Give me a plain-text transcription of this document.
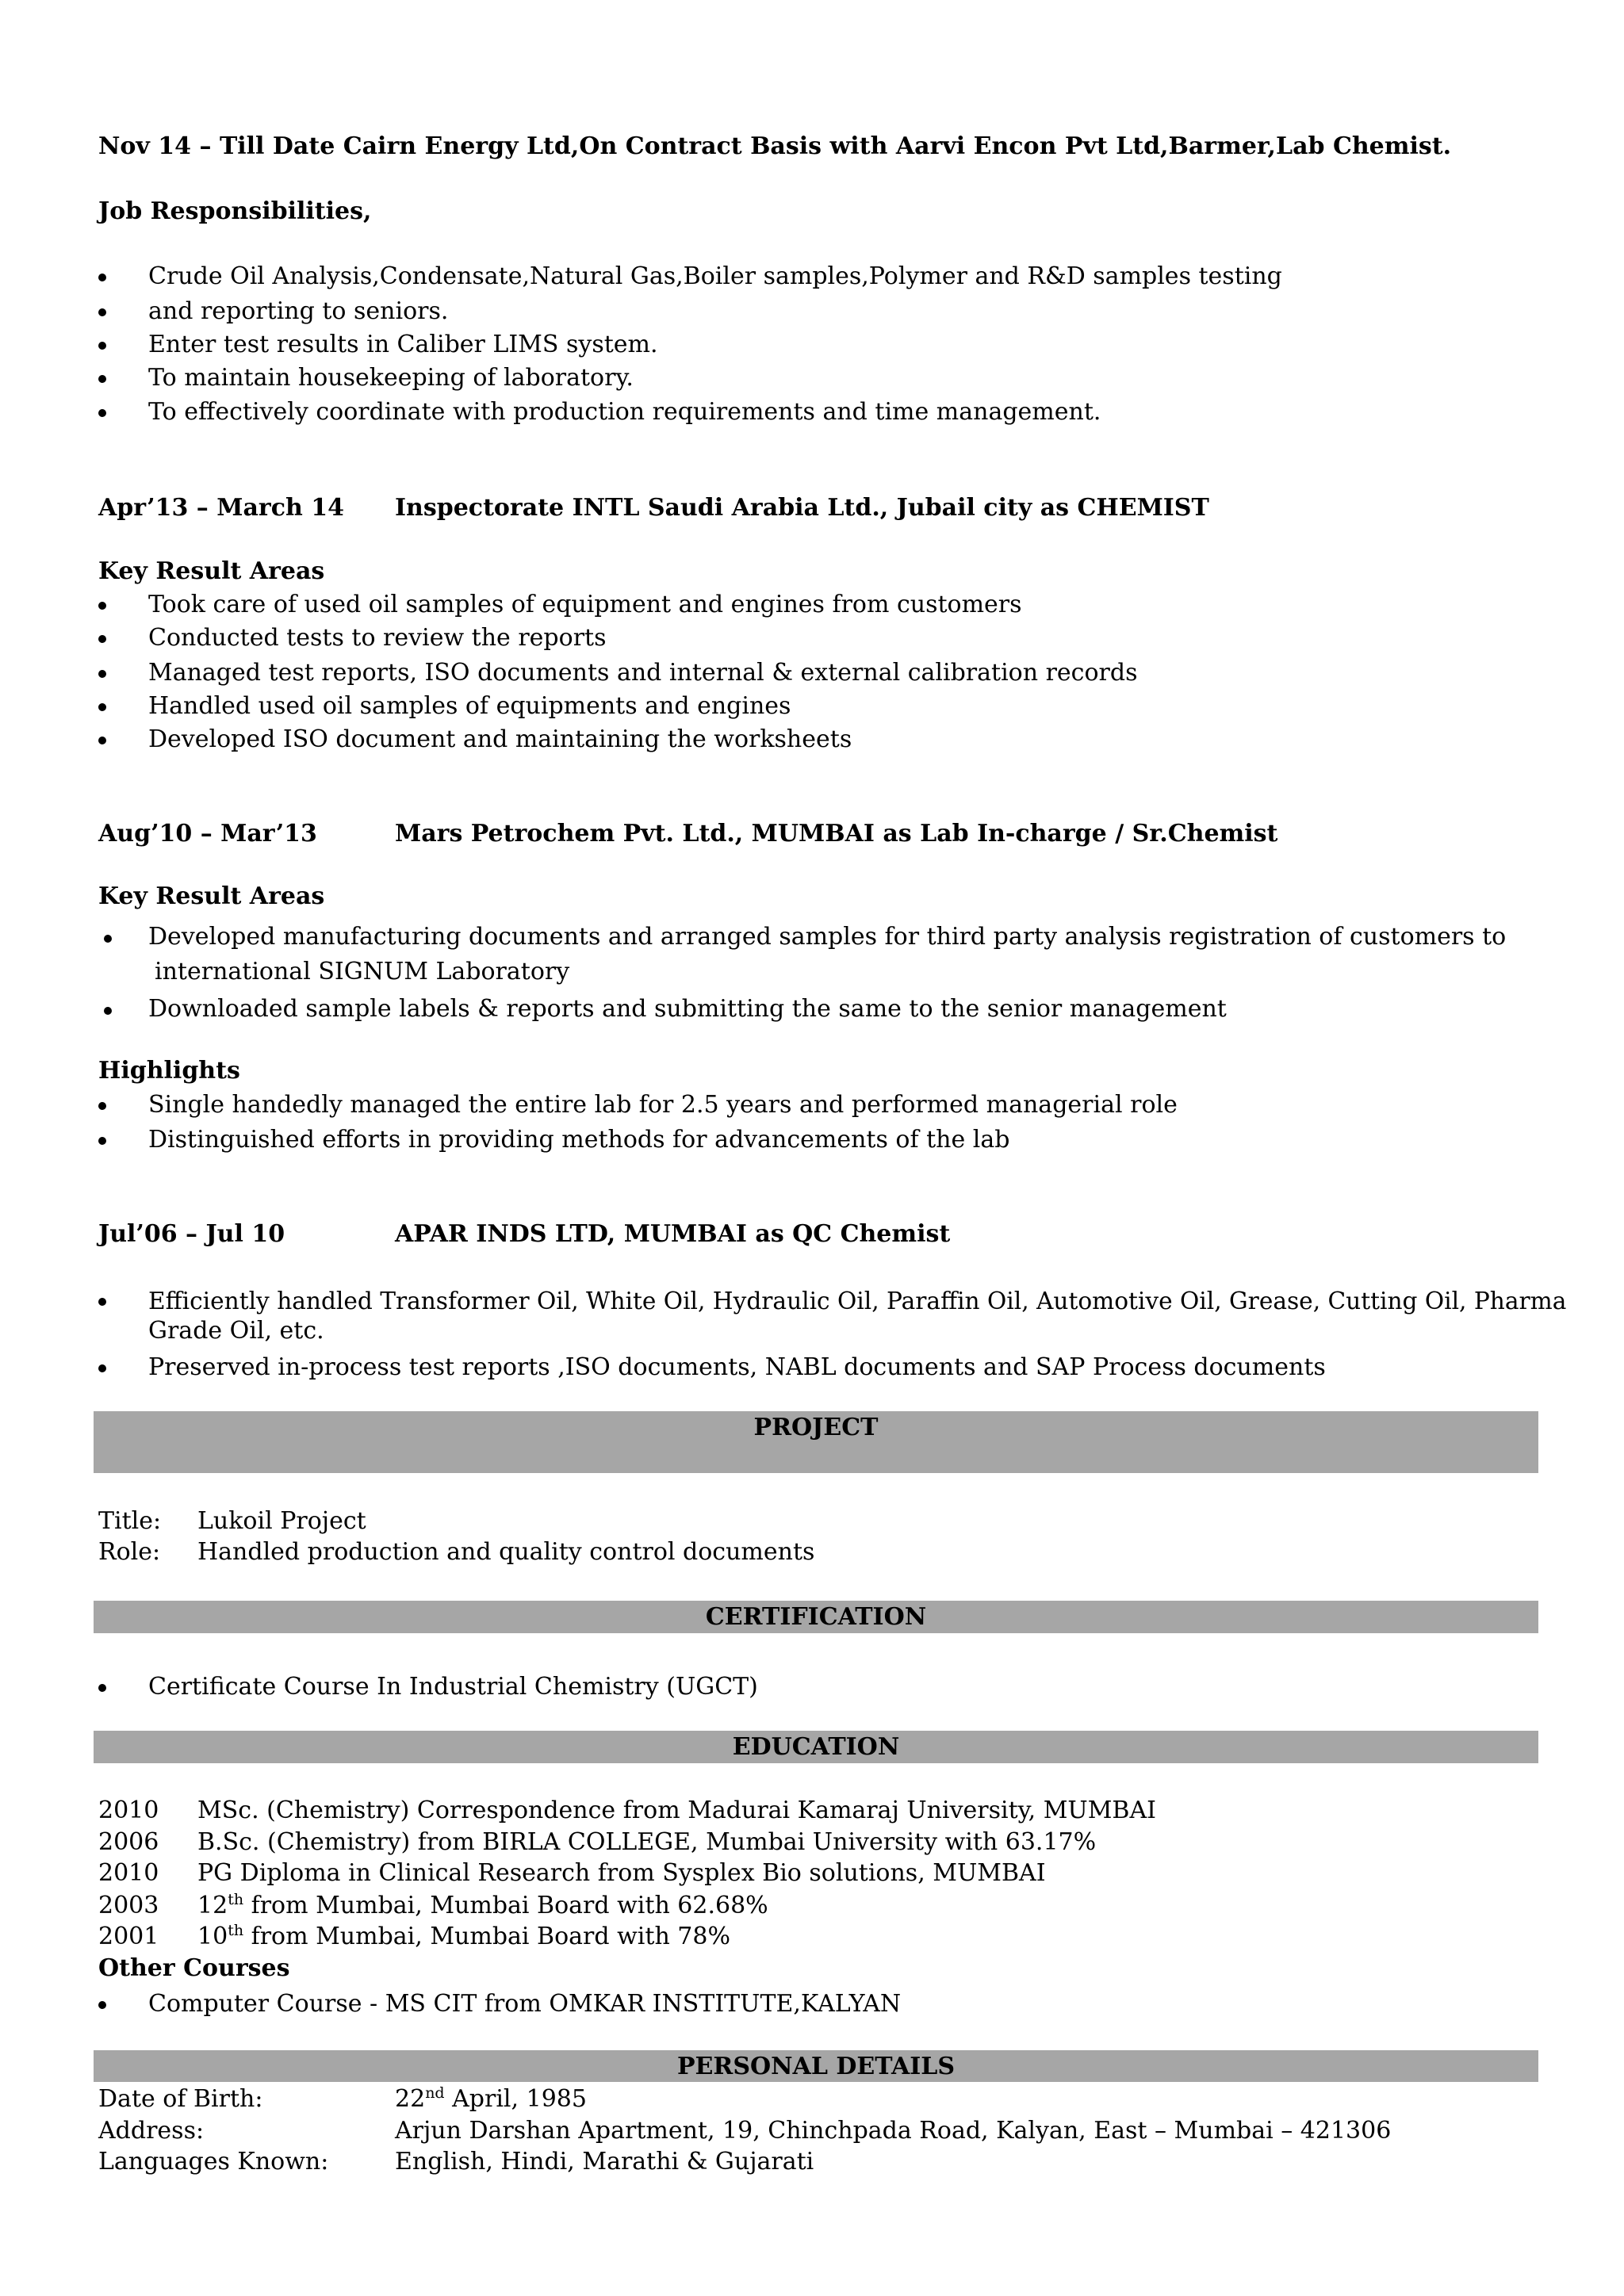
Nov 14 – Till Date Cairn Energy Ltd,On Contract Basis with Aarvi Encon Pvt Ltd,Barmer,Lab Chemist.
Job Responsibilities,
Crude Oil Analysis,Condensate,Natural Gas,Boiler samples,Polymer and R&D samples testing
and reporting to seniors.
Enter test results in Caliber LIMS system.
To maintain housekeeping of laboratory.
To effectively coordinate with production requirements and time management.
Apr’13 – March 14 Inspectorate INTL Saudi Arabia Ltd., Jubail city as CHEMIST
Key Result Areas
Took care of used oil samples of equipment and engines from customers
Conducted tests to review the reports
Managed test reports, ISO documents and internal & external calibration records
Handled used oil samples of equipments and engines
Developed ISO document and maintaining the worksheets
Aug’10 – Mar’13	Mars Petrochem Pvt. Ltd., MUMBAI as Lab In-charge / Sr.Chemist
Key Result Areas
Developed manufacturing documents and arranged samples for third party analysis registration of customers to
international SIGNUM Laboratory
Downloaded sample labels & reports and submitting the same to the senior management
Highlights
Single handedly managed the entire lab for 2.5 years and performed managerial role
Distinguished efforts in providing methods for advancements of the lab
Jul’06 – Jul 10	APAR INDS LTD, MUMBAI as QC Chemist
Efficiently handled Transformer Oil, White Oil, Hydraulic Oil, Paraffin Oil, Automotive Oil, Grease, Cutting Oil, Pharma
Grade Oil, etc.
Preserved in-process test reports ,ISO documents, NABL documents and SAP Process documents
PROJECT
Title: Lukoil Project
Role: Handled production and quality control documents
CERTIFICATION
Certificate Course In Industrial Chemistry (UGCT)
EDUCATION
2010 MSc. (Chemistry) Correspondence from Madurai Kamaraj University, MUMBAI
2006 B.Sc. (Chemistry) from BIRLA COLLEGE, Mumbai University with 63.17%
2010 PG Diploma in Clinical Research from Sysplex Bio solutions, MUMBAI
2003 12th from Mumbai, Mumbai Board with 62.68%
2001 10th from Mumbai, Mumbai Board with 78%
Other Courses
Computer Course - MS CIT from OMKAR INSTITUTE,KALYAN
PERSONAL DETAILS
Date of Birth:	22nd April, 1985
Address:	Arjun Darshan Apartment, 19, Chinchpada Road, Kalyan, East – Mumbai – 421306
Languages Known:	English, Hindi, Marathi & Gujarati
